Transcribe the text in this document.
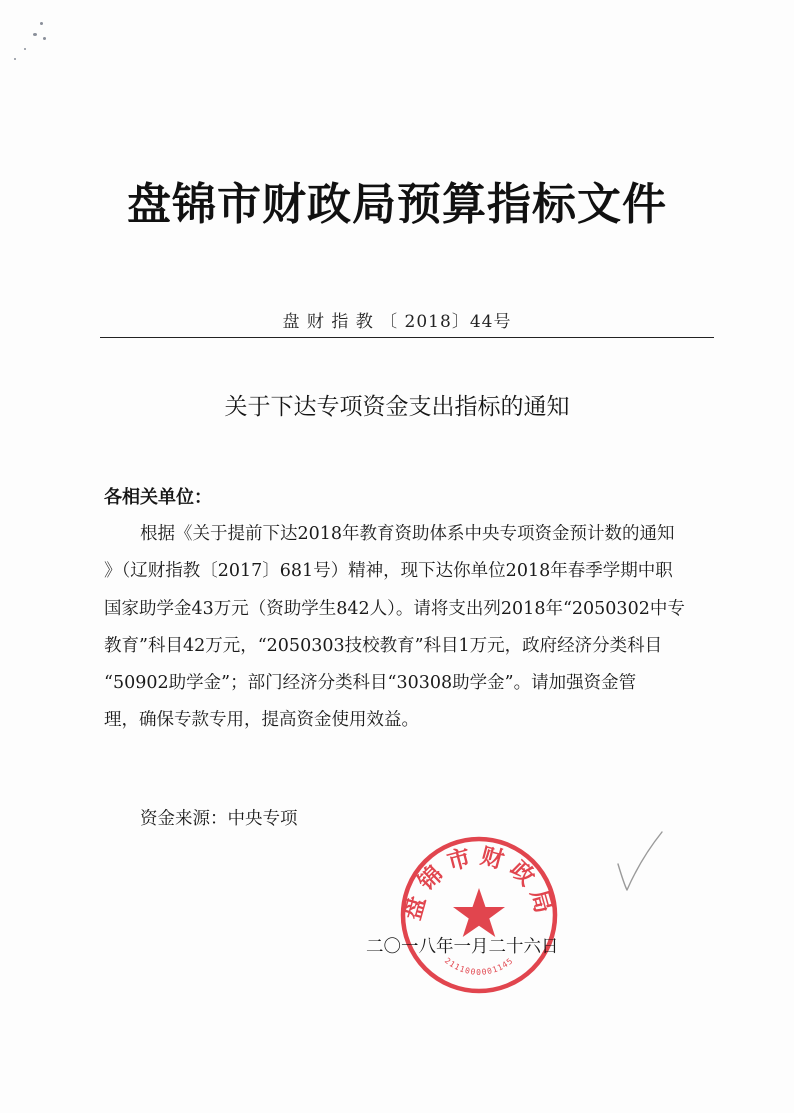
盘锦市财政局预算指标文件
盘 财 指 教 〔 2018〕44号
关于下达专项资金支出指标的通知
各相关单位：
根据《关于提前下达2018年教育资助体系中央专项资金预计数的通知
》（辽财指教〔2017〕681号）精神，现下达你单位2018年春季学期中职
国家助学金43万元（资助学生842人）。请将支出列2018年“2050302中专
教育”科目42万元，“2050303技校教育”科目1万元，政府经济分类科目
“50902助学金”；部门经济分类科目“30308助学金”。请加强资金管
理，确保专款专用，提高资金使用效益。
资金来源：中央专项
二〇一八年一月二十六日
盘锦市财政局
2111000001145
